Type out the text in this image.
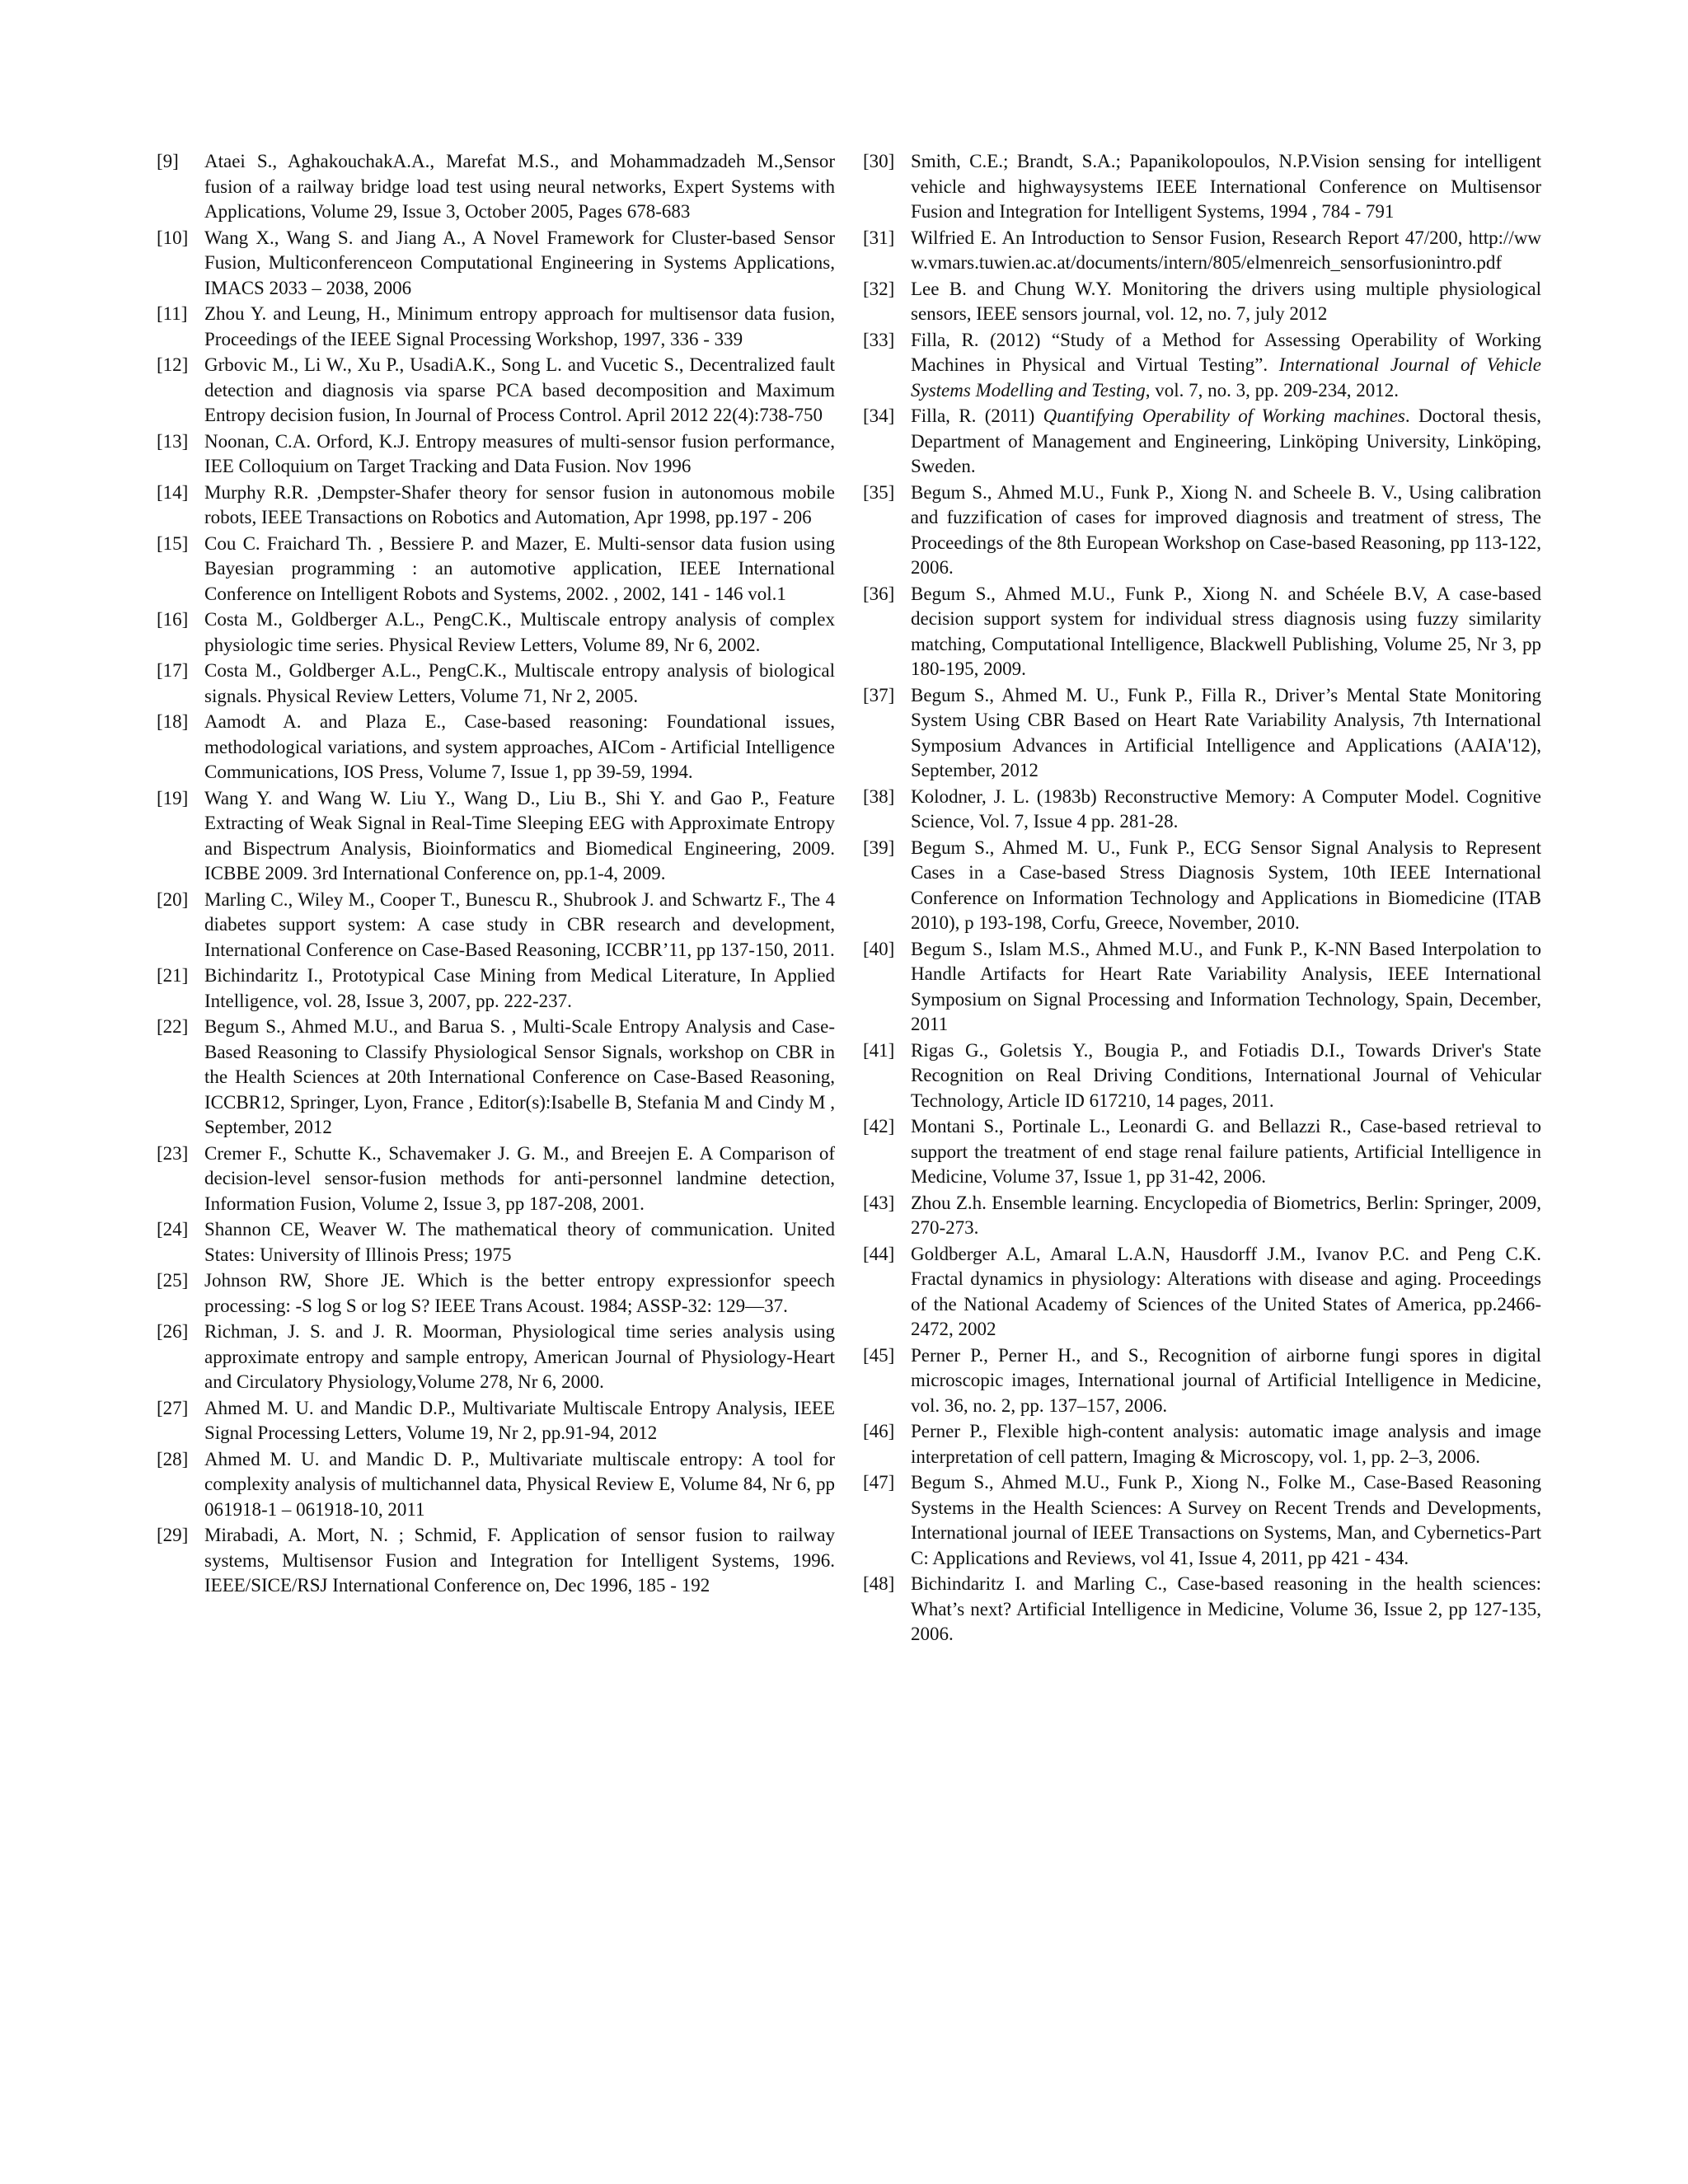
[9]	Ataei S., AghakouchakA.A., Marefat M.S., and Mohammadzadeh M.,Sensor fusion of a railway bridge load test using neural networks, Expert Systems with Applications, Volume 29, Issue 3, October 2005, Pages 678-683
[10] Wang X., Wang S. and Jiang A., A Novel Framework for Cluster-based Sensor Fusion, Multiconferenceon Computational Engineering in Systems Applications, IMACS 2033 – 2038, 2006
[11] Zhou Y. and Leung, H., Minimum entropy approach for multisensor data fusion, Proceedings of the IEEE Signal Processing Workshop, 1997, 336 - 339
[12] Grbovic M., Li W., Xu P., UsadiA.K., Song L. and Vucetic S., Decentralized fault detection and diagnosis via sparse PCA based decomposition and Maximum Entropy decision fusion, In Journal of Process Control. April 2012 22(4):738-750
[13] Noonan, C.A. Orford, K.J. Entropy measures of multi-sensor fusion performance, IEE Colloquium on Target Tracking and Data Fusion. Nov 1996
[14] Murphy R.R. ,Dempster-Shafer theory for sensor fusion in autonomous mobile robots, IEEE Transactions on Robotics and Automation, Apr 1998, pp.197 - 206
[15] Cou C. Fraichard Th. , Bessiere P. and Mazer, E. Multi-sensor data fusion using Bayesian programming : an automotive application, IEEE International Conference on Intelligent Robots and Systems, 2002. , 2002, 141 - 146 vol.1
[16] Costa M., Goldberger A.L., PengC.K., Multiscale entropy analysis of complex physiologic time series. Physical Review Letters, Volume 89, Nr 6, 2002.
[17] Costa M., Goldberger A.L., PengC.K., Multiscale entropy analysis of biological signals. Physical Review Letters, Volume 71, Nr 2, 2005.
[18] Aamodt A. and Plaza E., Case-based reasoning: Foundational issues, methodological variations, and system approaches, AICom - Artificial Intelligence Communications, IOS Press, Volume 7, Issue 1, pp 39-59, 1994.
[19] Wang Y. and Wang W. Liu Y., Wang D., Liu B., Shi Y. and Gao P., Feature Extracting of Weak Signal in Real-Time Sleeping EEG with Approximate Entropy and Bispectrum Analysis, Bioinformatics and Biomedical Engineering, 2009. ICBBE 2009. 3rd International Conference on, pp.1-4, 2009.
[20] Marling C., Wiley M., Cooper T., Bunescu R., Shubrook J. and Schwartz F., The 4 diabetes support system: A case study in CBR research and development, International Conference on Case-Based Reasoning, ICCBR’11, pp 137-150, 2011.
[21] Bichindaritz I., Prototypical Case Mining from Medical Literature, In Applied Intelligence, vol. 28, Issue 3, 2007, pp. 222-237.
[22] Begum S., Ahmed M.U., and Barua S. , Multi-Scale Entropy Analysis and Case-Based Reasoning to Classify Physiological Sensor Signals, workshop on CBR in the Health Sciences at 20th International Conference on Case-Based Reasoning, ICCBR12, Springer, Lyon, France , Editor(s):Isabelle B, Stefania M and Cindy M , September, 2012
[23] Cremer F., Schutte K., Schavemaker J. G. M., and Breejen E. A Comparison of decision-level sensor-fusion methods for anti-personnel landmine detection, Information Fusion, Volume 2, Issue 3, pp 187-208, 2001.
[24] Shannon CE, Weaver W. The mathematical theory of communication. United States: University of Illinois Press; 1975
[25] Johnson RW, Shore JE. Which is the better entropy expressionfor speech processing: -S log S or log S? IEEE Trans Acoust. 1984; ASSP-32: 129—37.
[26] Richman, J. S. and J. R. Moorman, Physiological time series analysis using approximate entropy and sample entropy, American Journal of Physiology-Heart and Circulatory Physiology,Volume 278, Nr 6, 2000.
[27] Ahmed M. U. and Mandic D.P., Multivariate Multiscale Entropy Analysis, IEEE Signal Processing Letters, Volume 19, Nr 2, pp.91-94, 2012
[28] Ahmed M. U. and Mandic D. P., Multivariate multiscale entropy: A tool for complexity analysis of multichannel data, Physical Review E, Volume 84, Nr 6, pp 061918-1 – 061918-10, 2011
[29] Mirabadi, A. Mort, N. ; Schmid, F. Application of sensor fusion to railway systems, Multisensor Fusion and Integration for Intelligent Systems, 1996. IEEE/SICE/RSJ International Conference on, Dec 1996, 185 - 192
[30] Smith, C.E.; Brandt, S.A.; Papanikolopoulos, N.P.Vision sensing for intelligent vehicle and highwaysystems IEEE International Conference on Multisensor Fusion and Integration for Intelligent Systems, 1994 , 784 - 791
[31] Wilfried E. An Introduction to Sensor Fusion, Research Report 47/200, http://www.vmars.tuwien.ac.at/documents/intern/805/elmenreich_sensorfusionintro.pdf
[32] Lee B. and Chung W.Y. Monitoring the drivers using multiple physiological sensors, IEEE sensors journal, vol. 12, no. 7, july 2012
[33] Filla, R. (2012) “Study of a Method for Assessing Operability of Working Machines in Physical and Virtual Testing”. International Journal of Vehicle Systems Modelling and Testing, vol. 7, no. 3, pp. 209-234, 2012.
[34] Filla, R. (2011) Quantifying Operability of Working machines. Doctoral thesis, Department of Management and Engineering, Linköping University, Linköping, Sweden.
[35] Begum S., Ahmed M.U., Funk P., Xiong N. and Scheele B. V., Using calibration and fuzzification of cases for improved diagnosis and treatment of stress, The Proceedings of the 8th European Workshop on Case-based Reasoning, pp 113-122, 2006.
[36] Begum S., Ahmed M.U., Funk P., Xiong N. and Schéele B.V, A case-based decision support system for individual stress diagnosis using fuzzy similarity matching, Computational Intelligence, Blackwell Publishing, Volume 25, Nr 3, pp 180-195, 2009.
[37] Begum S., Ahmed M. U., Funk P., Filla R., Driver’s Mental State Monitoring System Using CBR Based on Heart Rate Variability Analysis, 7th International Symposium Advances in Artificial Intelligence and Applications (AAIA'12), September, 2012
[38] Kolodner, J. L. (1983b) Reconstructive Memory: A Computer Model. Cognitive Science, Vol. 7, Issue 4 pp. 281-28.
[39] Begum S., Ahmed M. U., Funk P., ECG Sensor Signal Analysis to Represent Cases in a Case-based Stress Diagnosis System, 10th IEEE International Conference on Information Technology and Applications in Biomedicine (ITAB 2010), p 193-198, Corfu, Greece, November, 2010.
[40] Begum S., Islam M.S., Ahmed M.U., and Funk P., K-NN Based Interpolation to Handle Artifacts for Heart Rate Variability Analysis, IEEE International Symposium on Signal Processing and Information Technology, Spain, December, 2011
[41] Rigas G., Goletsis Y., Bougia P., and Fotiadis D.I., Towards Driver's State Recognition on Real Driving Conditions, International Journal of Vehicular Technology, Article ID 617210, 14 pages, 2011.
[42] Montani S., Portinale L., Leonardi G. and Bellazzi R., Case-based retrieval to support the treatment of end stage renal failure patients, Artificial Intelligence in Medicine, Volume 37, Issue 1, pp 31-42, 2006.
[43] Zhou Z.h. Ensemble learning. Encyclopedia of Biometrics, Berlin: Springer, 2009, 270-273.
[44] Goldberger A.L, Amaral L.A.N, Hausdorff J.M., Ivanov P.C. and Peng C.K. Fractal dynamics in physiology: Alterations with disease and aging. Proceedings of the National Academy of Sciences of the United States of America, pp.2466-2472, 2002
[45] Perner P., Perner H., and S., Recognition of airborne fungi spores in digital microscopic images, International journal of Artificial Intelligence in Medicine, vol. 36, no. 2, pp. 137–157, 2006.
[46] Perner P., Flexible high-content analysis: automatic image analysis and image interpretation of cell pattern, Imaging & Microscopy, vol. 1, pp. 2–3, 2006.
[47] Begum S., Ahmed M.U., Funk P., Xiong N., Folke M., Case-Based Reasoning Systems in the Health Sciences: A Survey on Recent Trends and Developments, International journal of IEEE Transactions on Systems, Man, and Cybernetics-Part C: Applications and Reviews, vol 41, Issue 4, 2011, pp 421 - 434.
[48] Bichindaritz I. and Marling C., Case-based reasoning in the health sciences: What’s next? Artificial Intelligence in Medicine, Volume 36, Issue 2, pp 127-135, 2006.
